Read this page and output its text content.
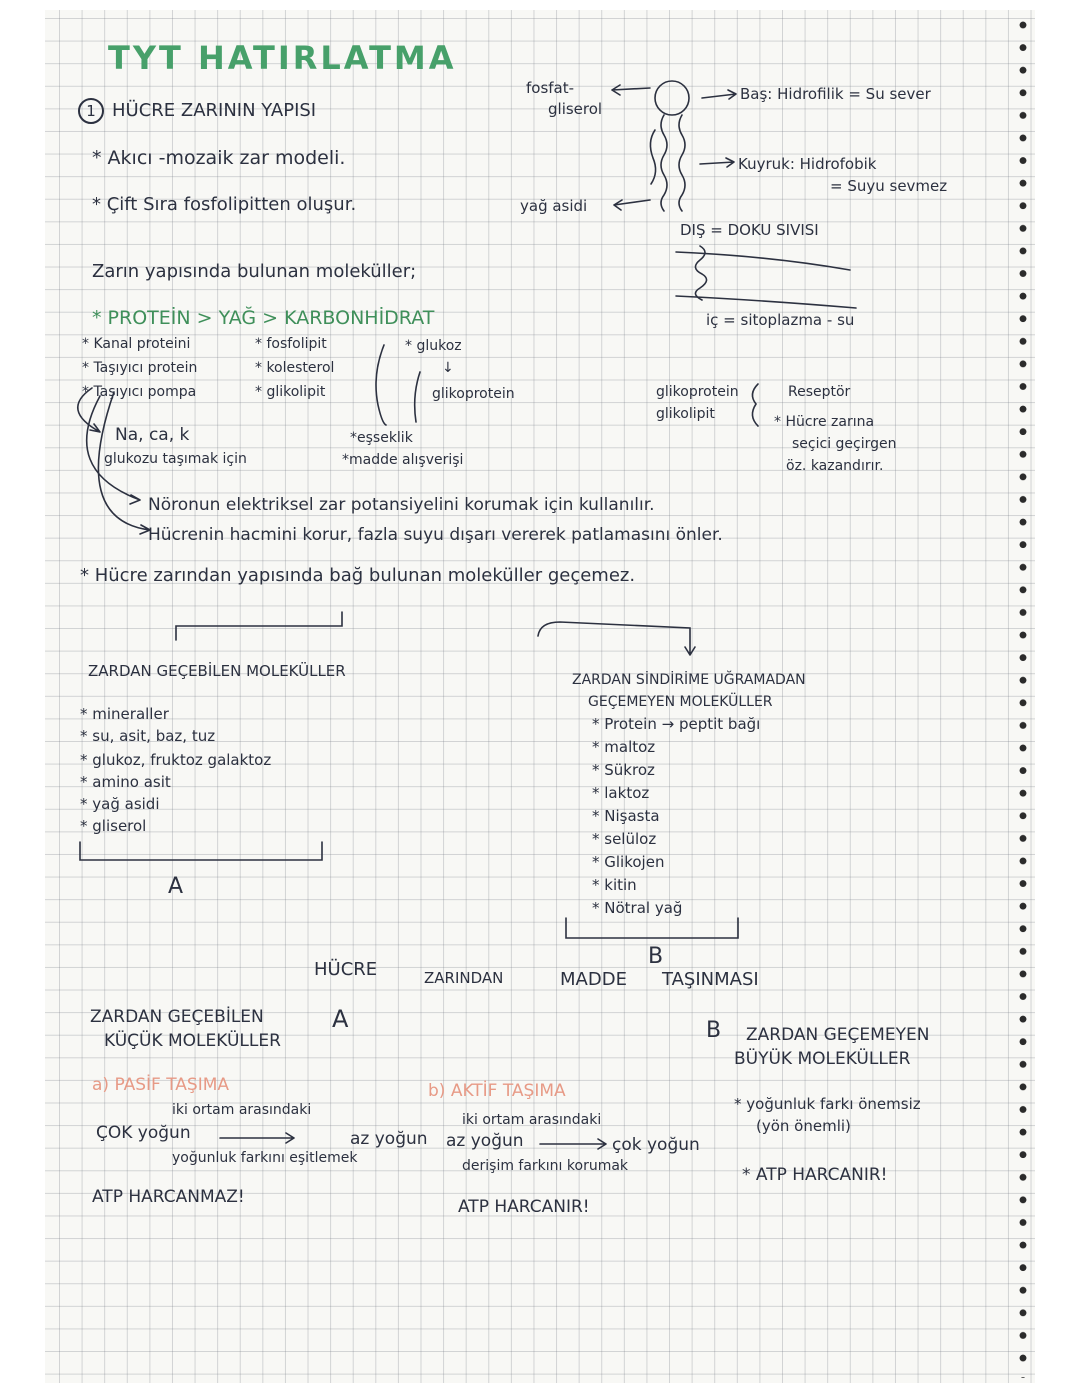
TYT HATIRLATMA
1 HÜCRE ZARININ YAPISI
* Akıcı -mozaik zar modeli.
* Çift Sıra fosfolipitten oluşur.
fosfat-
gliserol
yağ asidi
Baş: Hidrofilik = Su sever
Kuyruk: Hidrofobik
= Suyu sevmez
DIŞ = DOKU SIVISI
iç = sitoplazma - su
Zarın yapısında bulunan moleküller;
* PROTEİN > YAĞ > KARBONHİDRAT
* Kanal proteini
* Taşıyıcı protein
* Taşıyıcı pompa
* fosfolipit
* kolesterol
* glikolipit
* glukoz
↓
glikoprotein
Na, ca, k
glukozu taşımak için
*eşseklik
*madde alışverişi
glikoprotein
glikolipit
Reseptör
* Hücre zarına
seçici geçirgen
öz. kazandırır.
Nöronun elektriksel zar potansiyelini korumak için kullanılır.
Hücrenin hacmini korur, fazla suyu dışarı vererek patlamasını önler.
* Hücre zarından yapısında bağ bulunan moleküller geçemez.
ZARDAN GEÇEBİLEN MOLEKÜLLER
* mineraller
* su, asit, baz, tuz
* glukoz, fruktoz galaktoz
* amino asit
* yağ asidi
* gliserol
A
ZARDAN SİNDİRİME UĞRAMADAN
GEÇEMEYEN MOLEKÜLLER
* Protein → peptit bağı
* maltoz
* Sükroz
* laktoz
* Nişasta
* selüloz
* Glikojen
* kitin
* Nötral yağ
B
HÜCRE	ZARINDAN	MADDE TAŞINMASI
ZARDAN GEÇEBİLEN
KÜÇÜK MOLEKÜLLER
A	B ZARDAN GEÇEMEYEN
BÜYÜK MOLEKÜLLER
a) PASİF TAŞIMA
iki ortam arasındaki
ÇOK yoğun	az yoğun
yoğunluk farkını eşitlemek
ATP HARCANMAZ!
b) AKTİF TAŞIMA
iki ortam arasındaki
az yoğun	çok yoğun
derişim farkını korumak
ATP HARCANIR!
* yoğunluk farkı önemsiz
(yön önemli)
* ATP HARCANIR!
